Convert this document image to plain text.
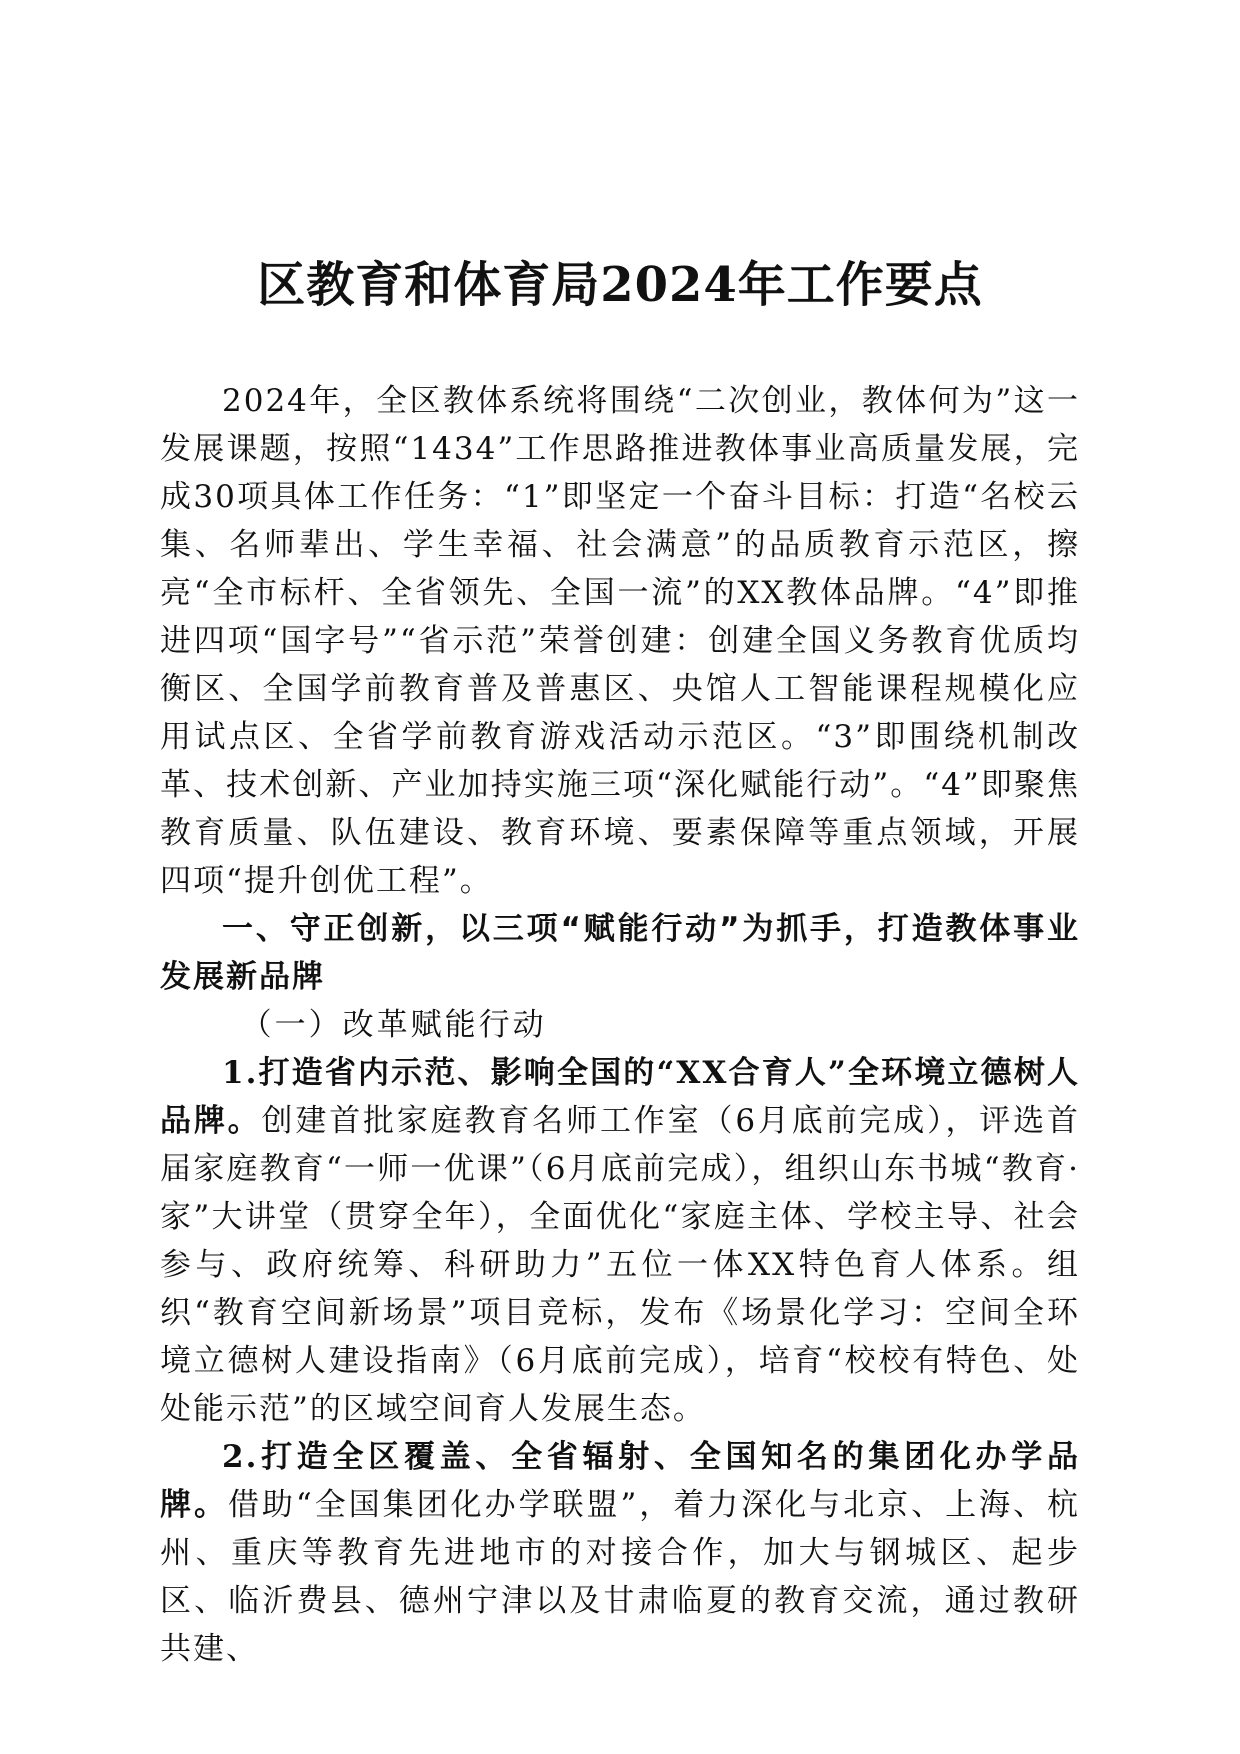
区教育和体育局2024年工作要点

2024年，全区教体系统将围绕“二次创业，教体何为”这一发展课题，按照“1434”工作思路推进教体事业高质量发展，完成30项具体工作任务：“1”即坚定一个奋斗目标：打造“名校云集、名师辈出、学生幸福、社会满意”的品质教育示范区，擦亮“全市标杆、全省领先、全国一流”的XX教体品牌。“4”即推进四项“国字号”“省示范”荣誉创建：创建全国义务教育优质均衡区、全国学前教育普及普惠区、央馆人工智能课程规模化应用试点区、全省学前教育游戏活动示范区。“3”即围绕机制改革、技术创新、产业加持实施三项“深化赋能行动”。“4”即聚焦教育质量、队伍建设、教育环境、要素保障等重点领域，开展四项“提升创优工程”。

一、守正创新，以三项“赋能行动”为抓手，打造教体事业发展新品牌

（一）改革赋能行动

1.打造省内示范、影响全国的“XX合育人”全环境立德树人品牌。创建首批家庭教育名师工作室（6月底前完成），评选首届家庭教育“一师一优课”（6月底前完成），组织山东书城“教育·家”大讲堂（贯穿全年），全面优化“家庭主体、学校主导、社会参与、政府统筹、科研助力”五位一体XX特色育人体系。组织“教育空间新场景”项目竞标，发布《场景化学习：空间全环境立德树人建设指南》（6月底前完成），培育“校校有特色、处处能示范”的区域空间育人发展生态。

2.打造全区覆盖、全省辐射、全国知名的集团化办学品牌。借助“全国集团化办学联盟”，着力深化与北京、上海、杭州、重庆等教育先进地市的对接合作，加大与钢城区、起步区、临沂费县、德州宁津以及甘肃临夏的教育交流，通过教研共建、
